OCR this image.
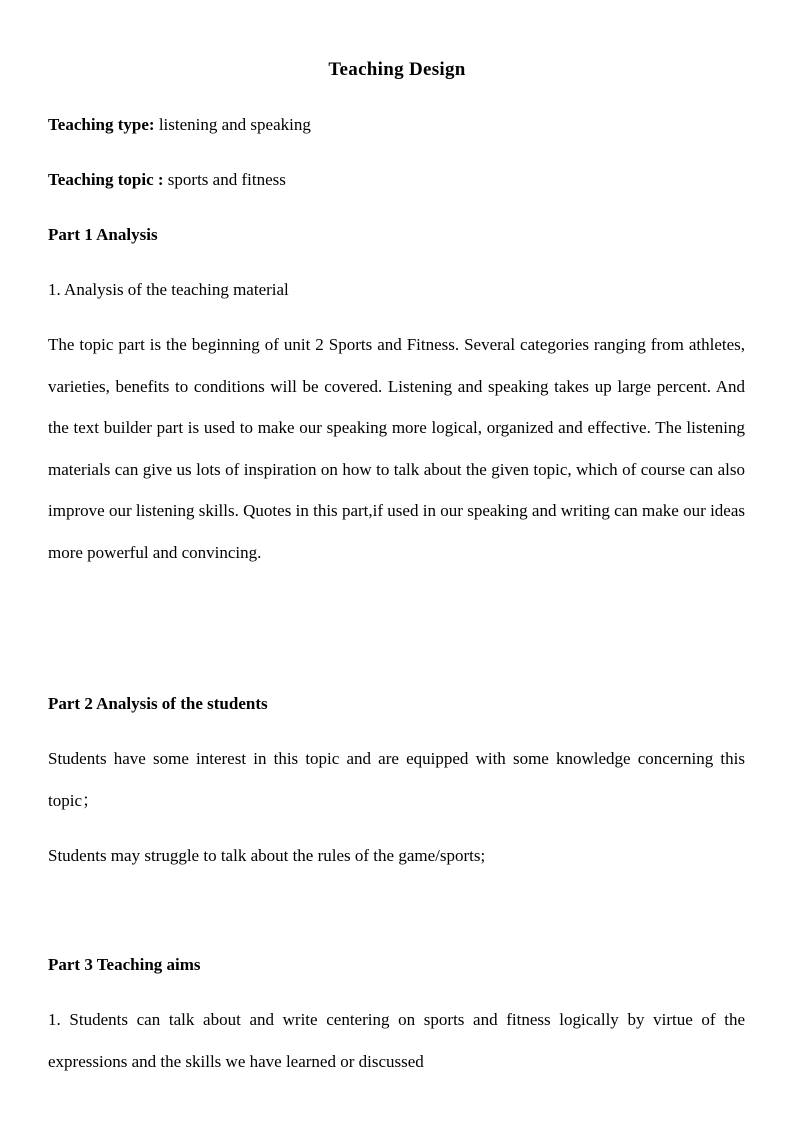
Teaching Design
Teaching type: listening and speaking
Teaching topic : sports and fitness
Part 1 Analysis
1. Analysis of the teaching material

The topic part is the beginning of unit 2 Sports and Fitness. Several categories ranging from athletes, varieties, benefits to conditions will be covered. Listening and speaking takes up large percent. And the text builder part is used to make our speaking more logical, organized and effective. The listening materials can give us lots of inspiration on how to talk about the given topic, which of course can also improve our listening skills. Quotes in this part,if used in our speaking and writing can make our ideas more powerful and convincing.

Part 2 Analysis of the students

Students have some interest in this topic and are equipped with some knowledge concerning this topic；

Students may struggle to talk about the rules of the game/sports;

Part 3 Teaching aims

1. Students can talk about and write centering on sports and fitness logically by virtue of the expressions and the skills we have learned or discussed
